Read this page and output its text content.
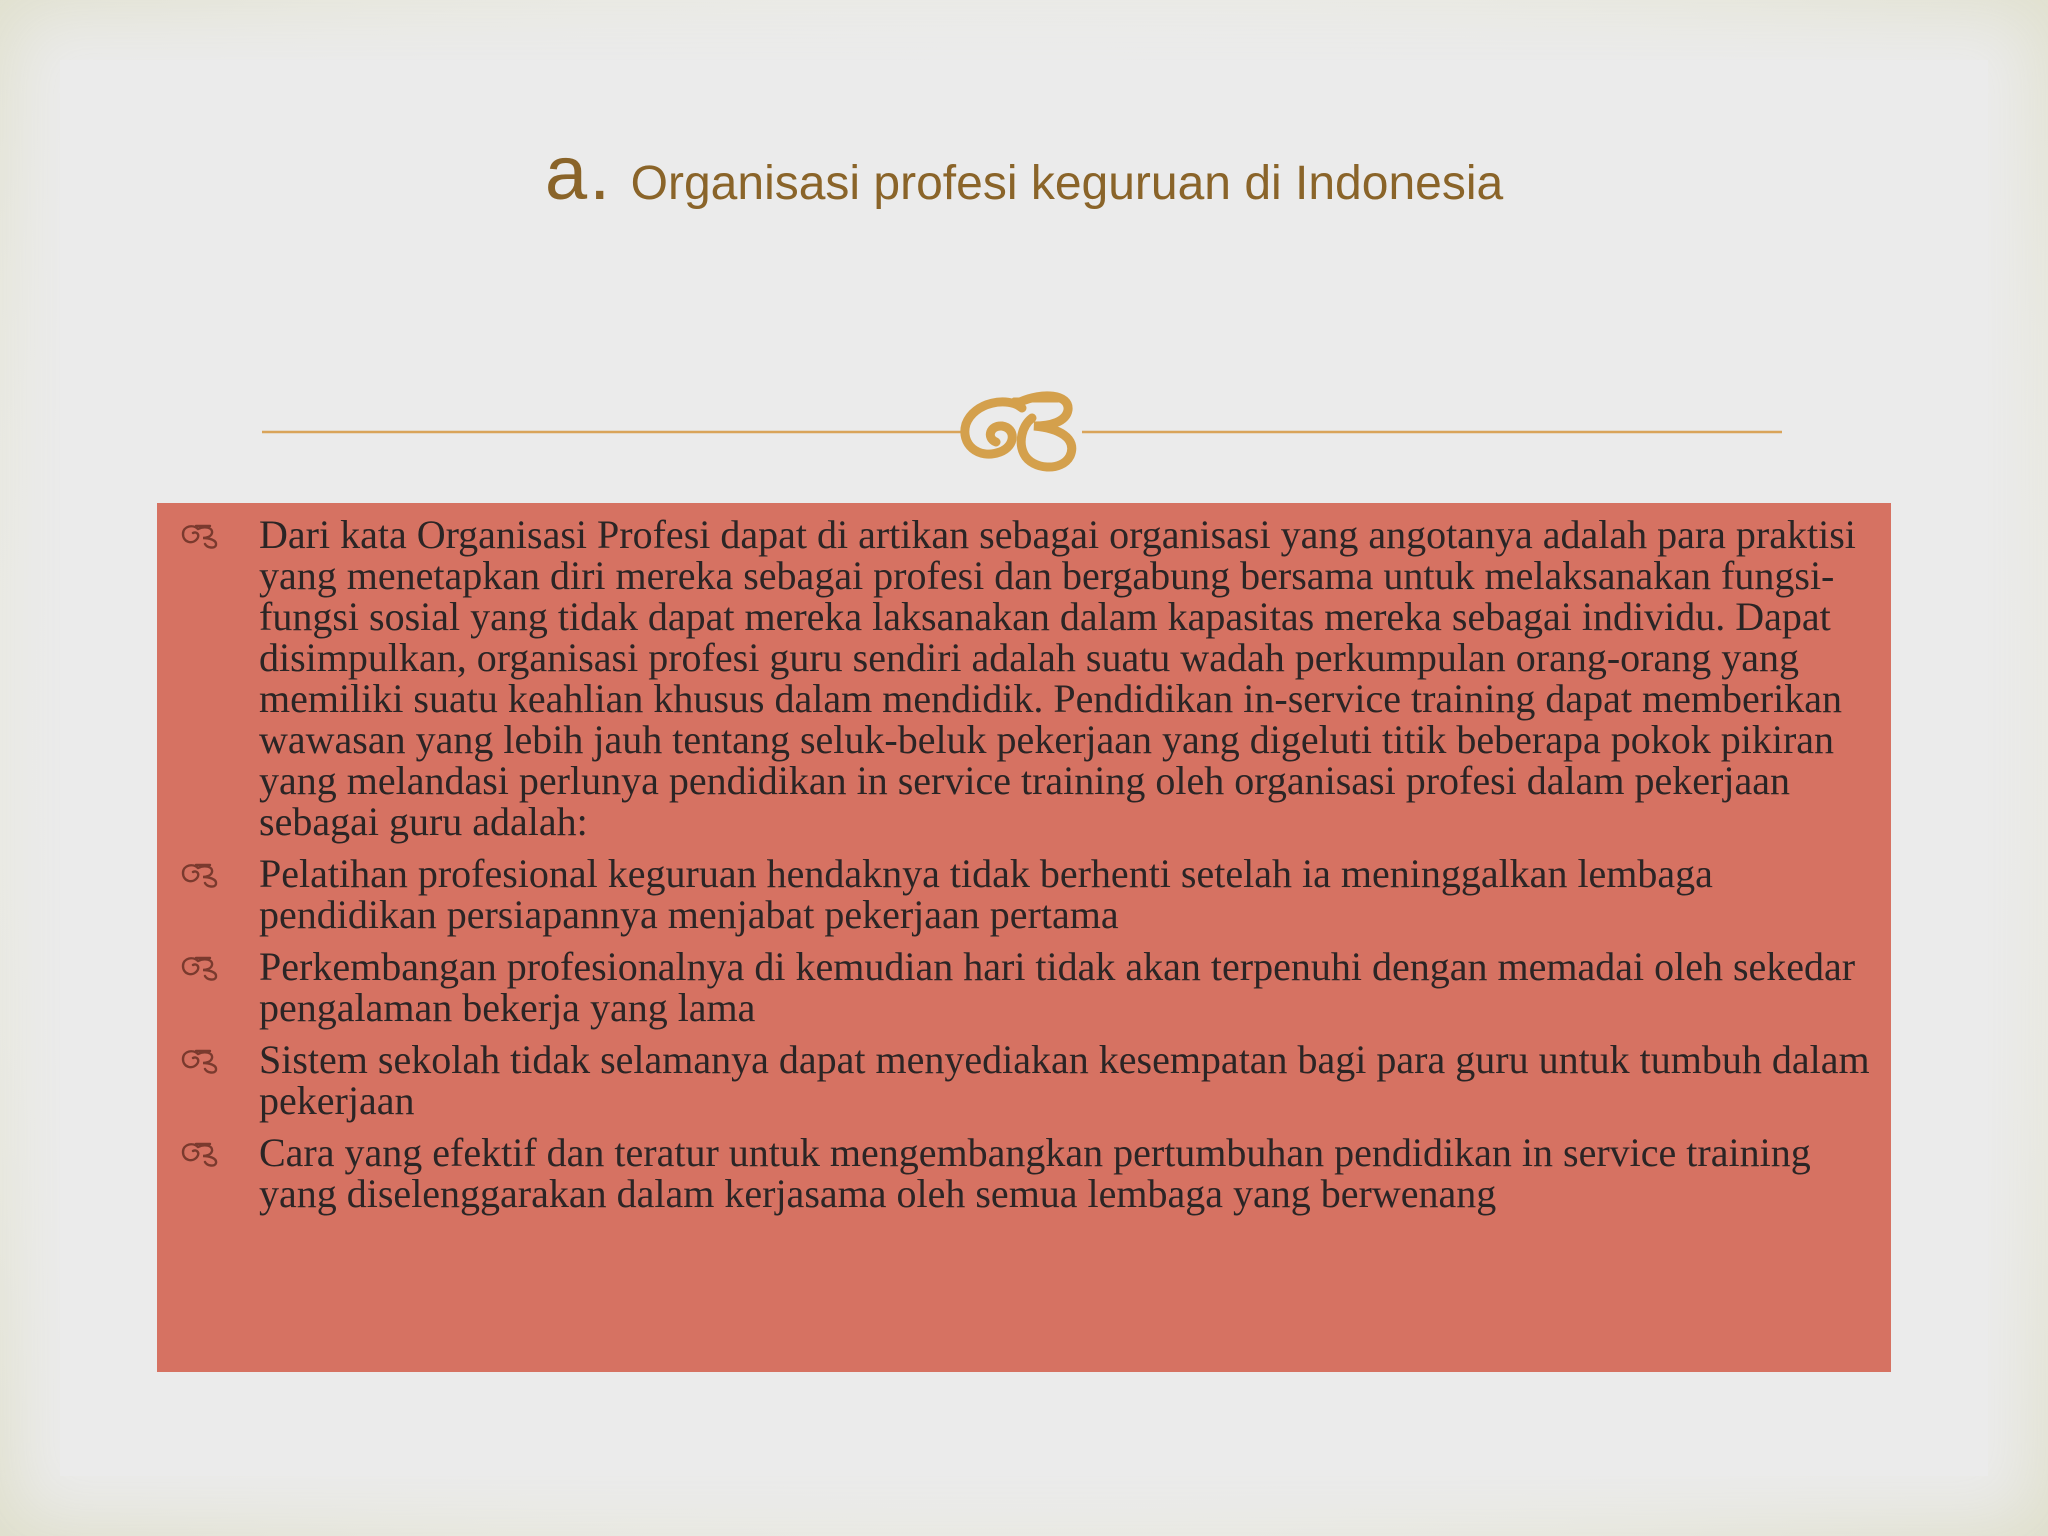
a. Organisasi profesi keguruan di Indonesia
Dari kata Organisasi Profesi dapat di artikan sebagai organisasi yang angotanya adalah para praktisi yang menetapkan diri mereka sebagai profesi dan bergabung bersama untuk melaksanakan fungsi-fungsi sosial yang tidak dapat mereka laksanakan dalam kapasitas mereka sebagai individu. Dapat disimpulkan, organisasi profesi guru sendiri adalah suatu wadah perkumpulan orang-orang yang memiliki suatu keahlian khusus dalam mendidik. Pendidikan in-service training dapat memberikan wawasan yang lebih jauh tentang seluk-beluk pekerjaan yang digeluti titik beberapa pokok pikiran yang melandasi perlunya pendidikan in service training oleh organisasi profesi dalam pekerjaan sebagai guru adalah:
Pelatihan profesional keguruan hendaknya tidak berhenti setelah ia meninggalkan lembaga pendidikan persiapannya menjabat pekerjaan pertama
Perkembangan profesionalnya di kemudian hari tidak akan terpenuhi dengan memadai oleh sekedar pengalaman bekerja yang lama
Sistem sekolah tidak selamanya dapat menyediakan kesempatan bagi para guru untuk tumbuh dalam pekerjaan
Cara yang efektif dan teratur untuk mengembangkan pertumbuhan pendidikan in service training yang diselenggarakan dalam kerjasama oleh semua lembaga yang berwenang
